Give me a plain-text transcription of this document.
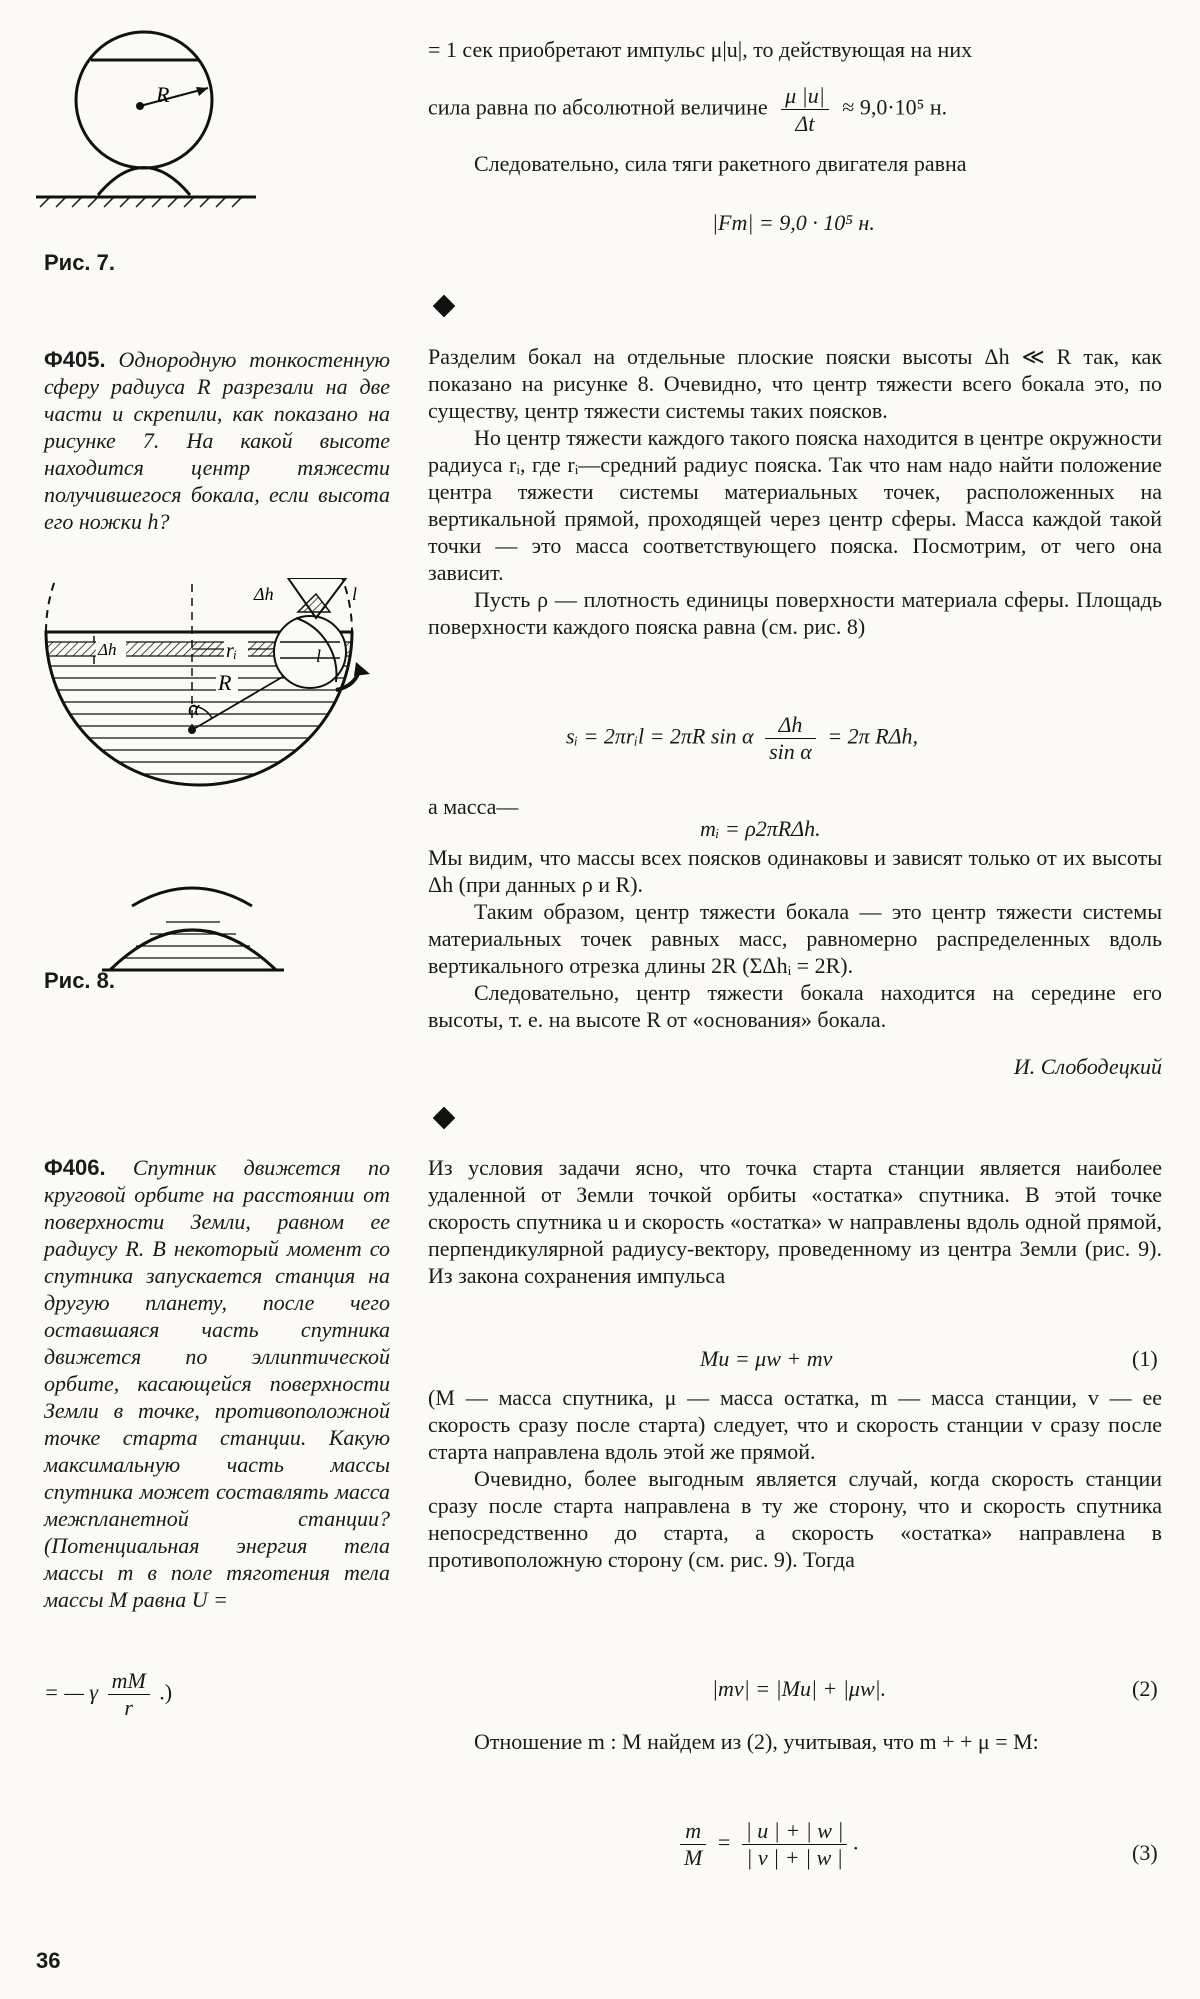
= 1 сек приобретают импульс μ|u|, то действующая на них

сила равна по абсолютной величине $\frac{\mu |u|}{\Delta t} \approx 9,0\cdot 10^5$ н.
Следовательно, сила тяги ракетного двигателя равна
|Fт| = 9,0 · 10⁵ н.
R
Рис. 7.

Ф405. Однородную тонкостенную сферу радиуса R разрезали на две части и скрепили, как показано на рисунке 7. На какой высоте находится центр тяжести получившегося бокала, если высота его ножки h?

Разделим бокал на отдельные плоские пояски высоты Δh ≪ R так, как показано на рисунке 8. Очевидно, что центр тяжести всего бокала это, по существу, центр тяжести системы таких поясков.

Но центр тяжести каждого такого пояска находится в центре окружности радиуса rᵢ, где rᵢ—средний радиус пояска. Так что нам надо найти положение центра тяжести системы материальных точек, расположенных на вертикальной прямой, проходящей через центр сферы. Масса каждой такой точки — это масса соответствующего пояска. Посмотрим, от чего она зависит.

Пусть ρ — плотность единицы поверхности материала сферы. Площадь поверхности каждого пояска равна (см. рис. 8)

sᵢ = 2πrᵢl = 2πR sin α $\frac{\Delta h}{\text{sin α}} = 2\pi$ RΔh,
а масса—
mᵢ = ρ2πRΔh.

Мы видим, что массы всех поясков одинаковы и зависят только от их высоты Δh (при данных ρ и R).

Таким образом, центр тяжести бокала — это центр тяжести системы материальных точек равных масс, равномерно распределенных вдоль вертикального отрезка длины 2R (ΣΔhᵢ = 2R).

Следовательно, центр тяжести бокала находится на середине его высоты, т. е. на высоте R от «основания» бокала.

И. Слободецкий
α
R
rᵢ
Δh	l
Δh	l
Рис. 8.

Ф406. Спутник движется по круговой орбите на расстоянии от поверхности Земли, равном ее радиусу R. В некоторый момент со спутника запускается станция на другую планету, после чего оставшаяся часть спутника движется по эллиптической орбите, касающейся поверхности Земли в точке, противоположной точке старта станции. Какую максимальную часть массы спутника может составлять масса межпланетной станции? (Потенциальная энергия тела массы m в поле тяготения тела массы M равна U =

= — γ $\frac{mM}{r}$ .)

Из условия задачи ясно, что точка старта станции является наиболее удаленной от Земли точкой орбиты «остатка» спутника. В этой точке скорость спутника u и скорость «остатка» w направлены вдоль одной прямой, перпендикулярной радиусу-вектору, проведенному из центра Земли (рис. 9). Из закона сохранения импульса

Mu = μw + mv	(1)

(M — масса спутника, μ — масса остатка, m — масса станции, v — ее скорость сразу после старта) следует, что и скорость станции v сразу после старта направлена вдоль этой же прямой.

Очевидно, более выгодным является случай, когда скорость станции сразу после старта направлена в ту же сторону, что и скорость спутника непосредственно до старта, а скорость «остатка» направлена в противоположную сторону (см. рис. 9). Тогда

|mv| = |Mu| + |μw|.	(2)

Отношение m : M найдем из (2), учитывая, что m + + μ = M:

$\frac{m}{M} = \frac{| u | + | w |}{| v | + | w |}$ .	(3)
36
